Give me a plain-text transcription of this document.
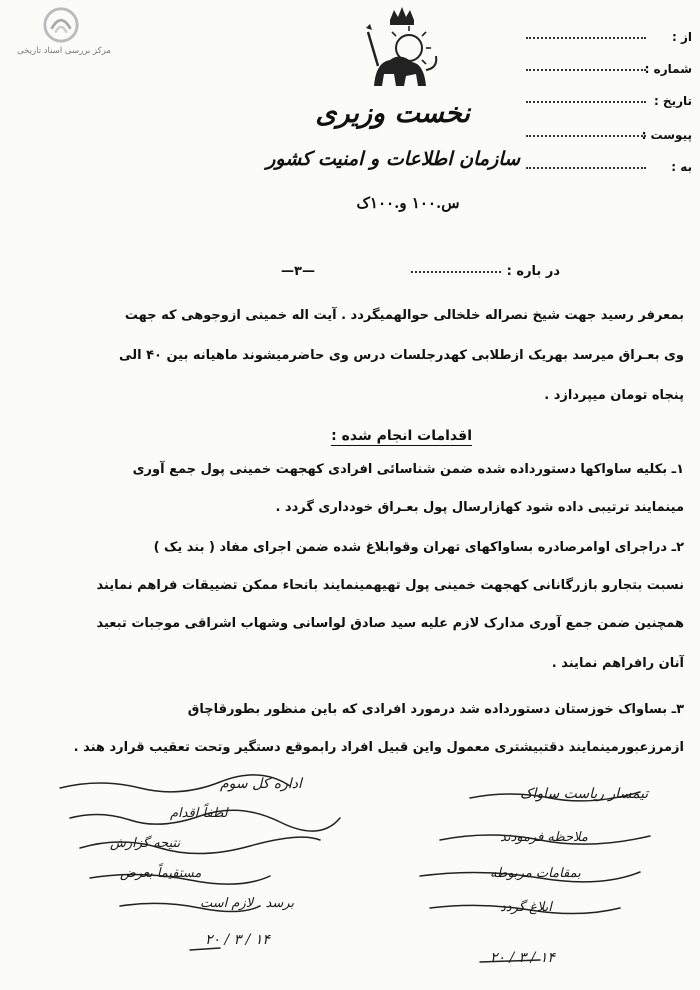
مرکز بررسی اسناد تاریخی
نخست وزیری
سازمان اطلاعات و امنیت کشور
س.١٠٠ و.١٠٠ک
از :
شماره :
تاریخ :
پیوست :
به :
در باره :
—۳—
بمعرفر رسید جهت شیخ نصراله خلخالی حوالهمیگردد . آیت اله خمینی ازوجوهی که جهت
وی بعـراق میرسد بهریک ازطلابی کهدرجلسات درس وی حاضرمیشوند ماهیانه بین ۴۰ الی
پنجاه تومان میپردازد .
اقدامات انجام شده :
۱ـ بکلیه ساواکها دستورداده شده ضمن شناسائی افرادی کهجهت خمینی پول جمع آوری
مینمایند ترتیبی داده شود کهازارسال پول بعـراق خودداری گردد .
۲ـ دراجرای اوامرصادره بساواکهای تهران وقوابلاغ شده ضمن اجرای مفاد ( بند یک )
نسبت بتجارو بازرگانانی کهجهت خمینی پول تهیهمینمایند بانحاء ممکن تضییقات فراهم نمایند
همچنین ضمن جمع آوری مدارک لازم علیه سید صادق لواسانی وشهاب اشراقی موجبات تبعید
آنان رافراهم نمایند .
۳ـ بساواک خوزستان دستورداده شد درمورد افرادی که باین منظور بطورقاچاق
ازمرزعبورمینمایند دقتبیشتری معمول واین قبیل افراد رابموقع دستگیر وتحت تعقیب قرارد هند .
اداره کل سوم
لطفاً اقدام
نتیجه گزارش
مستقیماً بعرض
برسد . لازم است
۱۴ / ۳ / ۲۰
تیمسار ریاست ساواک
ملاحظه فرمودند
بمقامات مربوطه
ابلاغ گردد
۱۴ / ۳ / ۲۰
